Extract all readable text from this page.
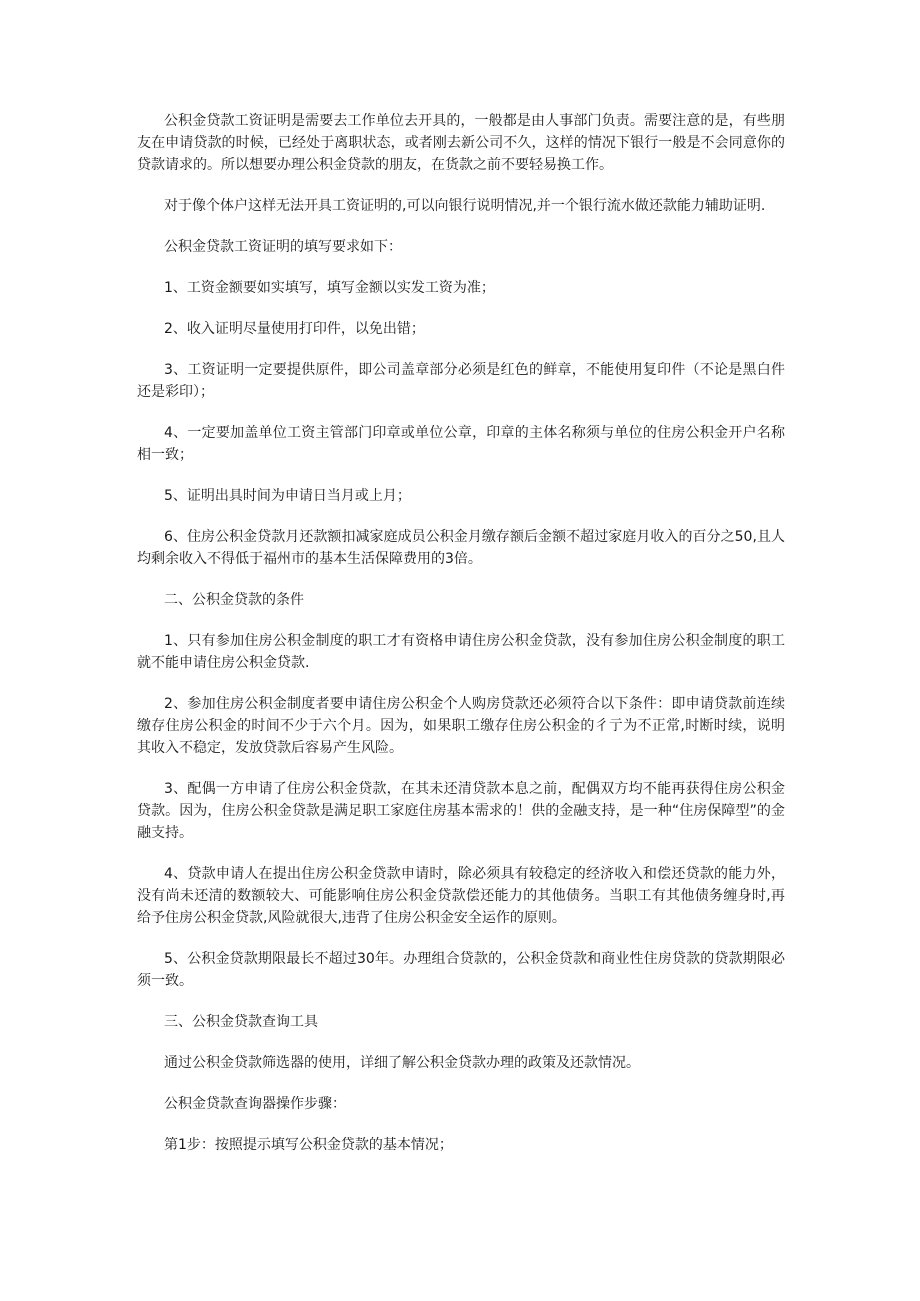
公积金贷款工资证明是需要去工作单位去开具的，一般都是由人事部门负责。需要注意的是，有些朋友在申请贷款的时候，已经处于离职状态，或者刚去新公司不久，这样的情况下银行一般是不会同意你的贷款请求的。所以想要办理公积金贷款的朋友，在货款之前不要轻易换工作。

对于像个体户这样无法开具工资证明的,可以向银行说明情况,并一个银行流水做还款能力辅助证明.

公积金贷款工资证明的填写要求如下：

1、工资金额要如实填写，填写金额以实发工资为准；

2、收入证明尽量使用打印件，以免出错；

3、工资证明一定要提供原件，即公司盖章部分必须是红色的鲜章，不能使用复印件（不论是黑白件还是彩印）；

4、一定要加盖单位工资主管部门印章或单位公章，印章的主体名称须与单位的住房公积金开户名称相一致；

5、证明出具时间为申请日当月或上月；

6、住房公积金贷款月还款额扣减家庭成员公积金月缴存额后金额不超过家庭月收入的百分之50,且人均剩余收入不得低于福州市的基本生活保障费用的3倍。

二、公积金贷款的条件

1、只有参加住房公积金制度的职工才有资格申请住房公积金贷款，没有参加住房公积金制度的职工就不能申请住房公积金贷款.

2、参加住房公积金制度者要申请住房公积金个人购房贷款还必须符合以下条件：即申请贷款前连续缴存住房公积金的时间不少于六个月。因为，如果职工缴存住房公积金的彳亍为不正常,时断时续，说明其收入不稳定，发放贷款后容易产生风险。

3、配偶一方申请了住房公积金贷款，在其未还清贷款本息之前，配偶双方均不能再获得住房公积金贷款。因为，住房公积金贷款是满足职工家庭住房基本需求的！供的金融支持，是一种“住房保障型”的金融支持。

4、贷款申请人在提出住房公积金贷款申请时，除必须具有较稳定的经济收入和偿还贷款的能力外，没有尚未还清的数额较大、可能影响住房公积金贷款偿还能力的其他债务。当职工有其他债务缠身时,再给予住房公积金贷款,风险就很大,违背了住房公积金安全运作的原则。

5、公积金贷款期限最长不超过30年。办理组合贷款的，公积金贷款和商业性住房贷款的贷款期限必须一致。

三、公积金贷款查询工具

通过公积金贷款筛选器的使用，详细了解公积金贷款办理的政策及还款情况。

公积金贷款查询器操作步骤：

第1步：按照提示填写公积金贷款的基本情况；
